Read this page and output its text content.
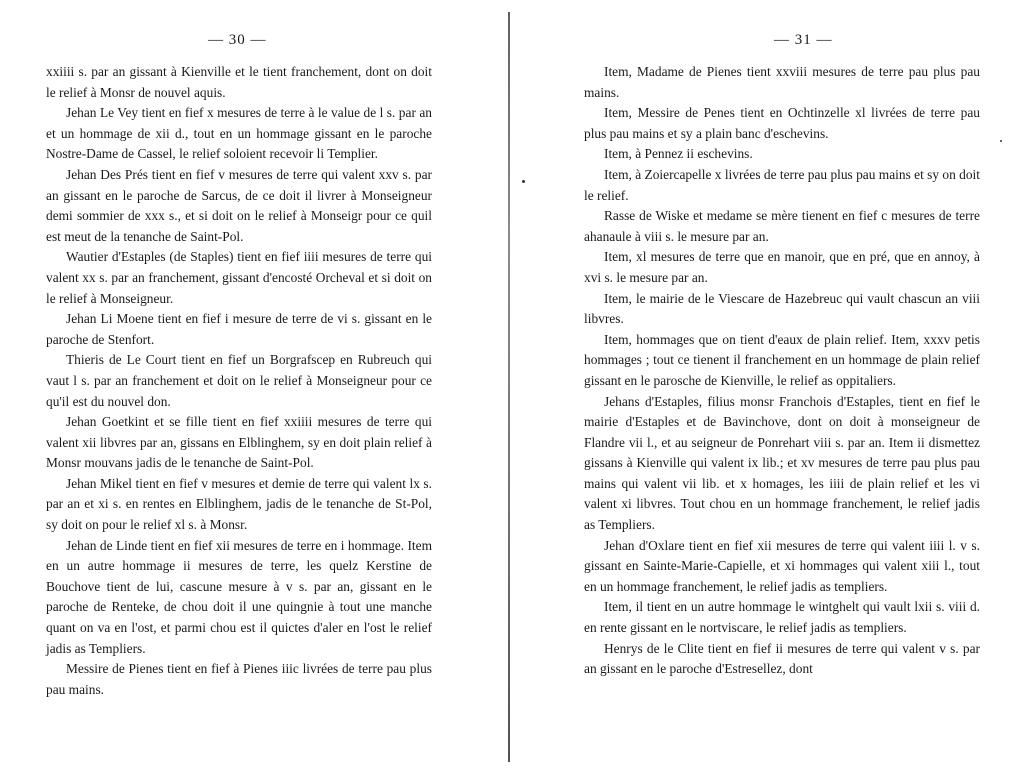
— 30 —

xxiiii s. par an gissant à Kienville et le tient franchement, dont on doit le relief à Monsr de nouvel aquis.

Jehan Le Vey tient en fief x mesures de terre à le value de l s. par an et un hommage de xii d., tout en un hommage gissant en le paroche Nostre-Dame de Cassel, le relief soloient recevoir li Templier.

Jehan Des Prés tient en fief v mesures de terre qui valent xxv s. par an gissant en le paroche de Sarcus, de ce doit il livrer à Monseigneur demi sommier de xxx s., et si doit on le relief à Monseigr pour ce quil est meut de la tenanche de Saint-Pol.

Wautier d'Estaples (de Staples) tient en fief iiii mesures de terre qui valent xx s. par an franchement, gissant d'encosté Orcheval et si doit on le relief à Monseigneur.

Jehan Li Moene tient en fief i mesure de terre de vi s. gissant en le paroche de Stenfort.

Thieris de Le Court tient en fief un Borgrafscep en Rubreuch qui vaut l s. par an franchement et doit on le relief à Monseigneur pour ce qu'il est du nouvel don.

Jehan Goetkint et se fille tient en fief xxiiii mesures de terre qui valent xii libvres par an, gissans en Elblinghem, sy en doit plain relief à Monsr mouvans jadis de le tenanche de Saint-Pol.

Jehan Mikel tient en fief v mesures et demie de terre qui valent lx s. par an et xi s. en rentes en Elblinghem, jadis de le tenanche de St-Pol, sy doit on pour le relief xl s. à Monsr.

Jehan de Linde tient en fief xii mesures de terre en i hommage. Item en un autre hommage ii mesures de terre, les quelz Kerstine de Bouchove tient de lui, cascune mesure à v s. par an, gissant en le paroche de Renteke, de chou doit il une quingnie à tout une manche quant on va en l'ost, et parmi chou est il quictes d'aler en l'ost le relief jadis as Templiers.

Messire de Pienes tient en fief à Pienes iiic livrées de terre pau plus pau mains.

— 31 —

Item, Madame de Pienes tient xxviii mesures de terre pau plus pau mains.

Item, Messire de Penes tient en Ochtinzelle xl livrées de terre pau plus pau mains et sy a plain banc d'eschevins.

Item, à Pennez ii eschevins.

Item, à Zoiercapelle x livrées de terre pau plus pau mains et sy on doit le relief.

Rasse de Wiske et medame se mère tienent en fief c mesures de terre ahanaule à viii s. le mesure par an.

Item, xl mesures de terre que en manoir, que en pré, que en annoy, à xvi s. le mesure par an.

Item, le mairie de le Viescare de Hazebreuc qui vault chascun an viii libvres.

Item, hommages que on tient d'eaux de plain relief. Item, xxxv petis hommages ; tout ce tienent il franchement en un hommage de plain relief gissant en le parosche de Kienville, le relief as oppitaliers.

Jehans d'Estaples, filius monsr Franchois d'Estaples, tient en fief le mairie d'Estaples et de Bavinchove, dont on doit à monseigneur de Flandre vii l., et au seigneur de Ponrehart viii s. par an. Item ii dismettez gissans à Kienville qui valent ix lib.; et xv mesures de terre pau plus pau mains qui valent vii lib. et x homages, les iiii de plain relief et les vi valent xi libvres. Tout chou en un hommage franchement, le relief jadis as Templiers.

Jehan d'Oxlare tient en fief xii mesures de terre qui valent iiii l. v s. gissant en Sainte-Marie-Capielle, et xi hommages qui valent xiii l., tout en un hommage franchement, le relief jadis as templiers.

Item, il tient en un autre hommage le wintghelt qui vault lxii s. viii d. en rente gissant en le nortviscare, le relief jadis as templiers.

Henrys de le Clite tient en fief ii mesures de terre qui valent v s. par an gissant en le paroche d'Estresellez, dont
